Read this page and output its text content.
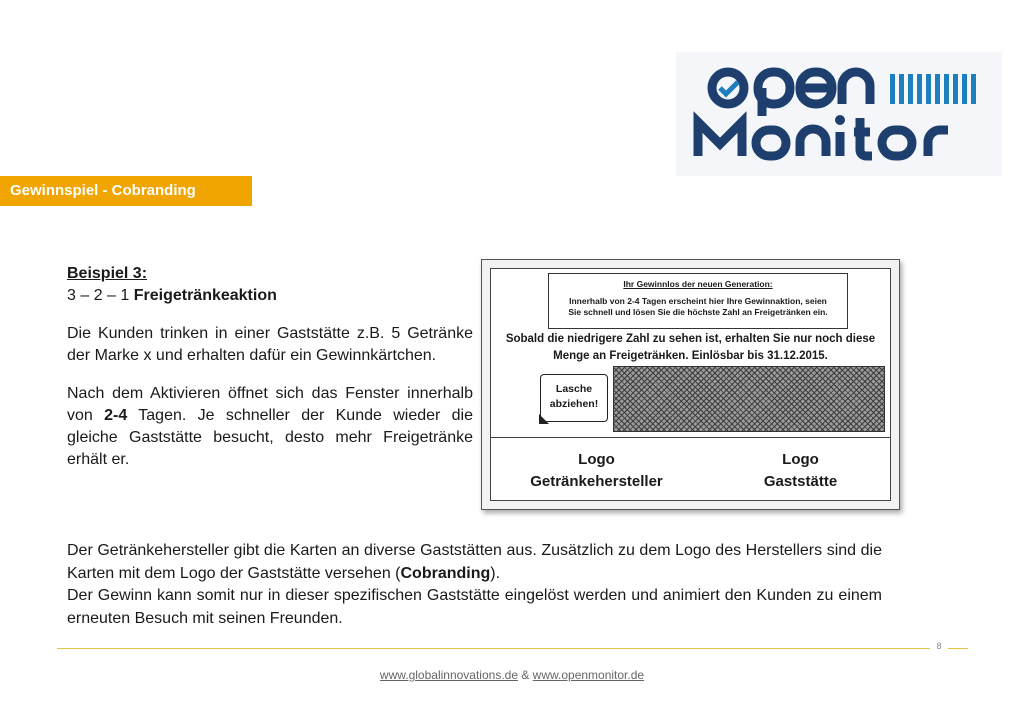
Gewinnspiel - Cobranding

Beispiel 3:

3 – 2 – 1 Freigetränkeaktion

Die Kunden trinken in einer Gaststätte z.B. 5 Getränke der Marke x und erhalten dafür ein Gewinnkärtchen.

Nach dem Aktivieren öffnet sich das Fenster innerhalb von 2-4 Tagen. Je schneller der Kunde wieder die gleiche Gaststätte besucht, desto mehr Freigetränke erhält er.

Ihr Gewinnlos der neuen Generation:
Innerhalb von 2-4 Tagen erscheint hier Ihre Gewinnaktion, seien
Sie schnell und lösen Sie die höchste Zahl an Freigetränken ein.
Sobald die niedrigere Zahl zu sehen ist, erhalten Sie nur noch diese
Menge an Freigeträнken. Einlösbar bis 31.12.2015.
Lasche
abziehen!
Logo
Getränkehersteller
Logo
Gaststätte

Der Getränkehersteller gibt die Karten an diverse Gaststätten aus. Zusätzlich zu dem Logo des Herstellers sind die Karten mit dem Logo der Gaststätte versehen (Cobranding).

Der Gewinn kann somit nur in dieser spezifischen Gaststätte eingelöst werden und animiert den Kunden zu einem erneuten Besuch mit seinen Freunden.

8
www.globalinnovations.de & www.openmonitor.de
